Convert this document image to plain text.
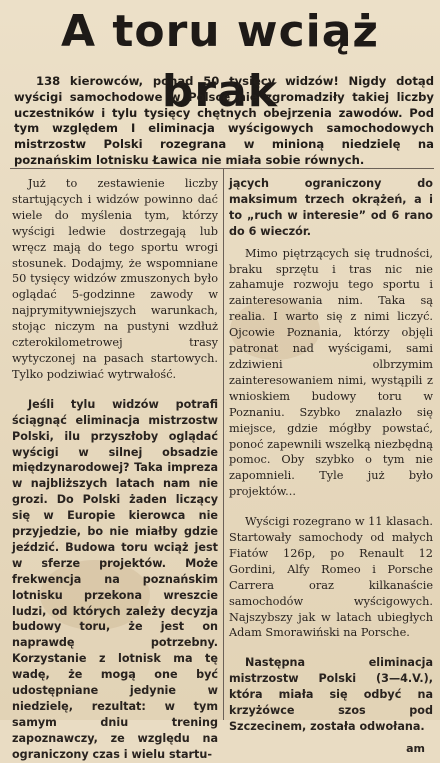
A toru wciąż brak

138 kierowców, ponad 50 tysięcy widzów! Nigdy dotąd wyścigi samochodowe w Polsce nie zgromadziły takiej liczby uczestników i tylu tysięcy chętnych obejrzenia zawodów. Pod tym względem I eliminacja wyścigowych samochodowych mistrzostw Polski rozegrana w minioną niedzielę na poznańskim lotnisku Ławica nie miała sobie równych.

Już to zestawienie liczby startujących i widzów powinno dać wiele do myślenia tym, którzy wyścigi ledwie dostrzegają lub wręcz mają do tego sportu wrogi stosunek. Dodajmy, że wspomniane 50 tysięcy widzów zmuszonych było oglądać 5-godzinne zawody w najprymitywniejszych warunkach, stojąc niczym na pustyni wzdłuż czterokilometrowej trasy wytyczonej na pasach startowych. Tylko podziwiać wytrwałość.

Jeśli tylu widzów potrafi ściągnąć eliminacja mistrzostw Polski, ilu przyszłoby oglądać wyścigi w silnej obsadzie międzynarodowej? Taka impreza w najbliższych latach nam nie grozi. Do Polski żaden liczący się w Europie kierowca nie przyjedzie, bo nie miałby gdzie jeździć. Budowa toru wciąż jest w sferze projektów. Może frekwencja na poznańskim lotnisku przekona wreszcie ludzi, od których zależy decyzja budowy toru, że jest on naprawdę potrzebny. Korzystanie z lotnisk ma tę wadę, że mogą one być udostępniane jedynie w niedzielę, rezultat: w tym samym dniu trening zapoznawczy, ze względu na ograniczony czas i wielu startu-

jących ograniczony do maksimum trzech okrążeń, a i to „ruch w interesie” od 6 rano do 6 wieczór.

Mimo piętrzących się trudności, braku sprzętu i tras nic nie zahamuje rozwoju tego sportu i zainteresowania nim. Taka są realia. I warto się z nimi liczyć. Ojcowie Poznania, którzy objęli patronat nad wyścigami, sami zdziwieni olbrzymim zainteresowaniem nimi, wystąpili z wnioskiem budowy toru w Poznaniu. Szybko znalazło się miejsce, gdzie mógłby powstać, ponoć zapewnili wszelką niezbędną pomoc. Oby szybko o tym nie zapomnieli. Tyle już było projektów...

Wyścigi rozegrano w 11 klasach. Startowały samochody od małych Fiatów 126p, po Renault 12 Gordini, Alfy Romeo i Porsche Carrera oraz kilkanaście samochodów wyścigowych. Najszybszy jak w latach ubiegłych Adam Smorawiński na Porsche.

Następna eliminacja mistrzostw Polski (3—4.V.), która miała się odbyć na krzyżówce szos pod Szczecinem, została odwołana.

am
